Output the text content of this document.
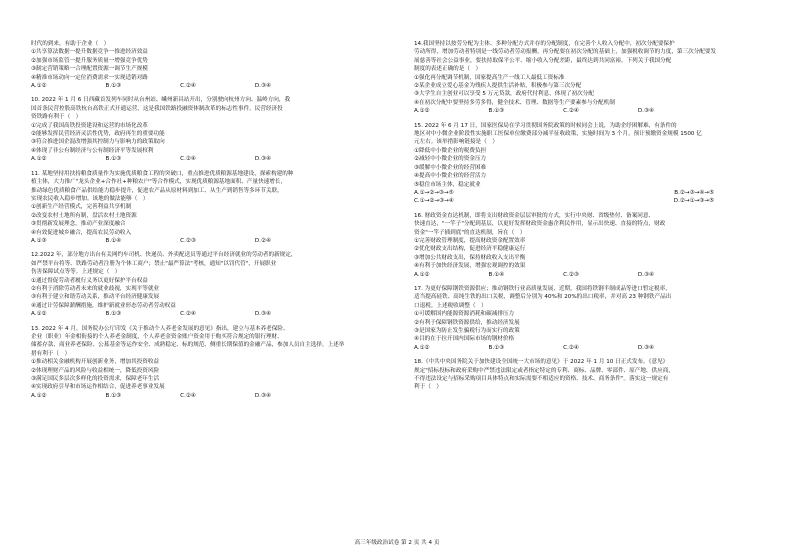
时代的到来，有助于企业（　）

①共享算法数据一提升数据竞争一推进经济效益

②加强市场监管一提升服务质量一增强竞争优势

③制定营销策略一合理配置资源一调节生产规模

④精准市场动向一定位消费需求一实现适销对路

A.①②	B.①③	C.②④	D.③④

10. 2022 年 1 月 6 日西藏首发列车同时从台州站、嵊州新昌站开出，分别驶向杭州方向、温岭方向，我

国首条民营控股高铁杭台高铁正式开通运营，这是我国铁路投融资体制改革的标志性事件。民营经济投

资铁路有利于（　）

①完成了我国高铁投资建设和运营的市场化改革

②能够发挥民营经济灵活性优势，政府再生的重要功能

③符合推进国企混改增强其控制力与影响力的政策取向

④体现了非公有制经济与公有制经济平等发展权利

A.①②	B.①③	C.②④	D.③④

11. 某地坚持用扶持粮食质量作为实施优质粮食工程的突破口，重点推进优质粮源基地建设，探索构建的种

植主体，大力推广"龙头企业+合作社+种粮农户"等合作模式，实现优质粮源基地面积、产量快速增长，

推动绿色优质粮食产品供给能力稳步提升，促进农产品从原材料到加工、从生产到销售等多环节关联，

实现农民收入稳步增加。该地的做法能够（　）

①创新生产经营模式，完善利益共享机制

②改变农村土地所有制，盘活农村土地资源

③贯彻新发展理念，推动产业深度融合

④有效促进城乡融合，提高农民劳动收入

A.①③	B.①④	C.②③	D.②④

12.2022 年，部分地方出台有关网约车司机、快递员、外卖配送员等通过平台经济就业的劳动者的新规定，

如严禁平台将等、铁路劳动者注册为个体工商户；禁止"最严算法"考核，通知"以罚代管"，开展职业

伤害保障试点等等。上述规定（　）

①通过督促劳动者履行义务以更好保护平台权益

②有利于消除劳动者未来的就业歧视，实现平等就业

③有利于建立和谐劳动关系，推动平台经济健康发展

④通过计劳保障薪酬措施，维护新就业形态劳动者劳动权益

A.①②	B.①③	C.②④	D.③④

13. 2022 年 4 月，国务院办公厅印发《关于推动个人养老金发展的意见》指出，建立与基本养老保险、

企业（职业）年金相衔接的个人养老金制度，个人养老金资金账户资金用于购买符合规定的银行理财、

储蓄存款、商业养老保险、公募基金等运作安全、成熟稳定、标的规范、侧重长期保值的金融产品，参加人员自主选择。上述举

措有利于（　）

①推动相关金融机构开展创新业务，增加其投资收益

②体现理财产品的风险与收益相统一，降低投资风险

③满足国民多层次多样化的投资需求，保障老年生活

④实现政府引导和市场运作相结合，促进养老事业发展

A.①②	B.①③	C.②④	D.③④

14.我国坚持以按劳分配为主体、多种分配方式并存的分配制度，在完善个人收入分配中，初次分配要保护

劳动所得，增加劳动者特别是一线劳动者劳动报酬，再分配要在初次分配的基础上，加强税收调节的力度，第三次分配要发

展慈善等社会公益事业，要扶持取保平公平、缩小收入分配差距，最终达到共同富裕。下列关于我国分配

制度的表述正确的是（　）

①强化再分配调节机制，国家提高生产一线工人最低工资标准

②某企业成立爱心基金为残疾人提供生活补贴，积极参与第三次分配

③大学生自主创业可以享受 5 万元贷款，政府代付利息，体现了初次分配

④在初次分配中要坚持多劳多得，健全技术、管理、数据等生产要素参与分配机制

A.①②	B.①③	C.②④	D.③④

15. 2022 年 6 月 17 日，国家医保局在学习贯彻国务院政策的时候同会上说，为助企纾困解难，有条件的

地区对中小微企业阶段性实施职工医保单位缴费部分减半征收政策，实施时间为 3 个月，预计预缴资金规模 1500 亿

元左右。该举措影响链接是（　）

①降低中小微企业的税费负担

②减轻中小微企业的资金压力

③缓解中小微企业的经营困难

④提高中小微企业的经营活力

⑤稳住市场主体，稳定就业

A.①→②→③→⑤	B.②→③→④→⑤

C.①→②→③→④	D.②→①→③→⑤

16. 财政资金直达机制，即将支出财政资金层层审批的方式，实行中央财、省级垫付、备案同意、

快速直达，"一竿子"分配到基层，以更好发挥财政资金惠企利民作用，显示出快速、直接的特点，财政

资金"一竿子插到底"的直达机制，旨在（　）

①完善财政管理制度，提高财政资金配置效率

②优化财政支出结构，促进经济平稳健康运行

③增加公共财政支出，保持财政收入支出平衡

④有利于加快经济发展，增强宏观调控的效果

A.①②	B.①④	C.②③	D.③④

17. 为更好保障钢铁资源供应；推动钢铁行业高质量发展，近期，我国将铁钢半制成品等进口暂定税率，

适当提高硅铁、高纯生铁的出口关税，调整后分别为 40%和 20%的出口税率，并对高 23 种钢铁产品出

口退税。上述税收调整（　）

①可缓解国内能源资源消耗和碳减排压力

②有利于保障钢铁资源供给，推动经济发展

③是国家为防止发生骗税行为而实行的政策

④目的在于拉开国内国际市场的钢材价格

A.①②	B.①③	C.②④	D.③④

18.《中共中央国务院关于加快建设全国统一大市场的意见》于 2022 年 1 月 10 日正式发布。《意见》

规定"招标投标和政府采购中严禁违法限定或者指定特定的专利、商标、品牌、零部件、原产地、供应商，

不得违法设定与招标采购项目具体特点和实际需要不相适应的资格、技术、商务条件"。落实这一规定有

利于（　）

高三年级政治试卷 第 2 页 共 4 页
